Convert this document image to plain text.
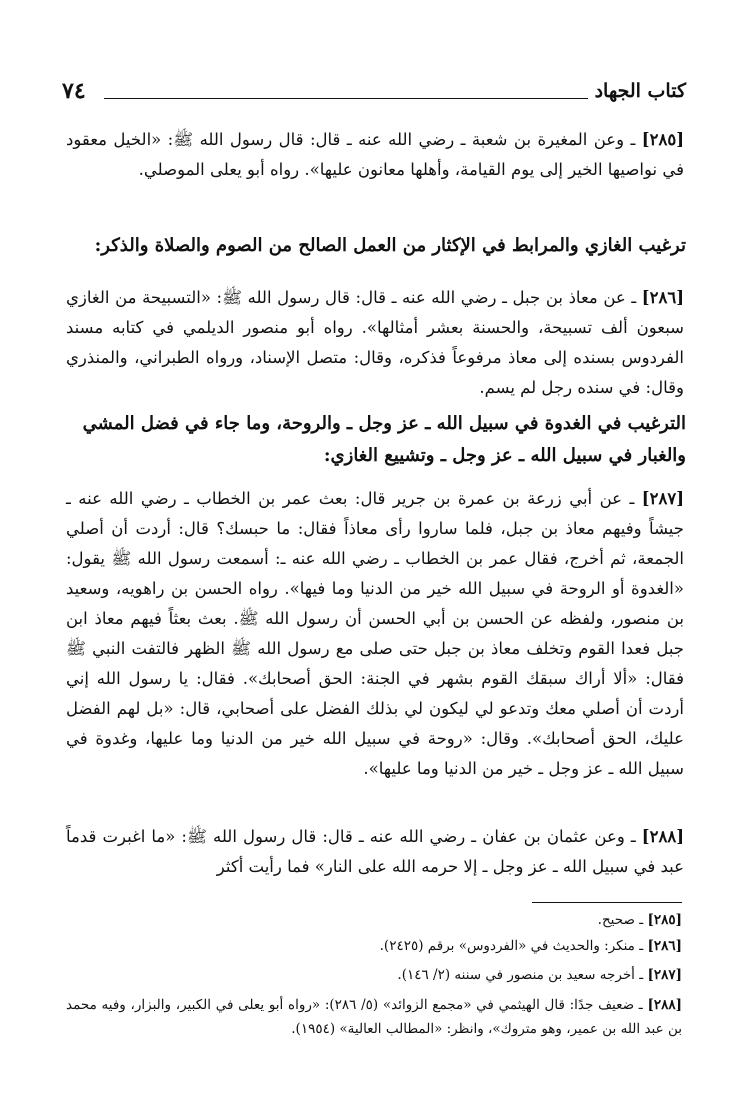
كتاب الجهاد
٧٤
[٢٨٥] ـ وعن المغيرة بن شعبة ـ رضي الله عنه ـ قال: قال رسول الله ﷺ: «الخيل معقود في نواصيها الخير إلى يوم القيامة، وأهلها معانون عليها». رواه أبو يعلى الموصلي.
ترغيب الغازي والمرابط في الإكثار من العمل الصالح من الصوم والصلاة والذكر:
[٢٨٦] ـ عن معاذ بن جبل ـ رضي الله عنه ـ قال: قال رسول الله ﷺ: «التسبيحة من الغازي سبعون ألف تسبيحة، والحسنة بعشر أمثالها». رواه أبو منصور الديلمي في كتابه مسند الفردوس بسنده إلى معاذ مرفوعاً فذكره، وقال: متصل الإسناد، ورواه الطبراني، والمنذري وقال: في سنده رجل لم يسم.
الترغيب في الغدوة في سبيل الله ـ عز وجل ـ والروحة، وما جاء في فضل المشي والغبار في سبيل الله ـ عز وجل ـ وتشييع الغازي:
[٢٨٧] ـ عن أبي زرعة بن عمرة بن جرير قال: بعث عمر بن الخطاب ـ رضي الله عنه ـ جيشاً وفيهم معاذ بن جبل، فلما ساروا رأى معاذاً فقال: ما حبسك؟ قال: أردت أن أصلي الجمعة، ثم أخرج، فقال عمر بن الخطاب ـ رضي الله عنه ـ: أسمعت رسول الله ﷺ يقول: «الغدوة أو الروحة في سبيل الله خير من الدنيا وما فيها». رواه الحسن بن راهويه، وسعيد بن منصور، ولفظه عن الحسن بن أبي الحسن أن رسول الله ﷺ. بعث بعثاً فيهم معاذ ابن جبل فعدا القوم وتخلف معاذ بن جبل حتى صلى مع رسول الله ﷺ الظهر فالتفت النبي ﷺ فقال: «ألا أراك سبقك القوم بشهر في الجنة: الحق أصحابك». فقال: يا رسول الله إني أردت أن أصلي معك وتدعو لي ليكون لي بذلك الفضل على أصحابي، قال: «بل لهم الفضل عليك، الحق أصحابك». وقال: «روحة في سبيل الله خير من الدنيا وما عليها، وغدوة في سبيل الله ـ عز وجل ـ خير من الدنيا وما عليها».
[٢٨٨] ـ وعن عثمان بن عفان ـ رضي الله عنه ـ قال: قال رسول الله ﷺ: «ما اغبرت قدماً عبد في سبيل الله ـ عز وجل ـ إلا حرمه الله على النار» فما رأيت أكثر
[٢٨٥] ـ صحيح.
[٢٨٦] ـ منكر: والحديث في «الفردوس» برقم (٢٤٢٥).
[٢٨٧] ـ أخرجه سعيد بن منصور في سننه (٢/ ١٤٦).
[٢٨٨] ـ ضعيف جدًا: قال الهيثمي في «مجمع الزوائد» (٥/ ٢٨٦): «رواه أبو يعلى في الكبير، والبزار، وفيه محمد بن عبد الله بن عمير، وهو متروك»، وانظر: «المطالب العالية» (١٩٥٤).
